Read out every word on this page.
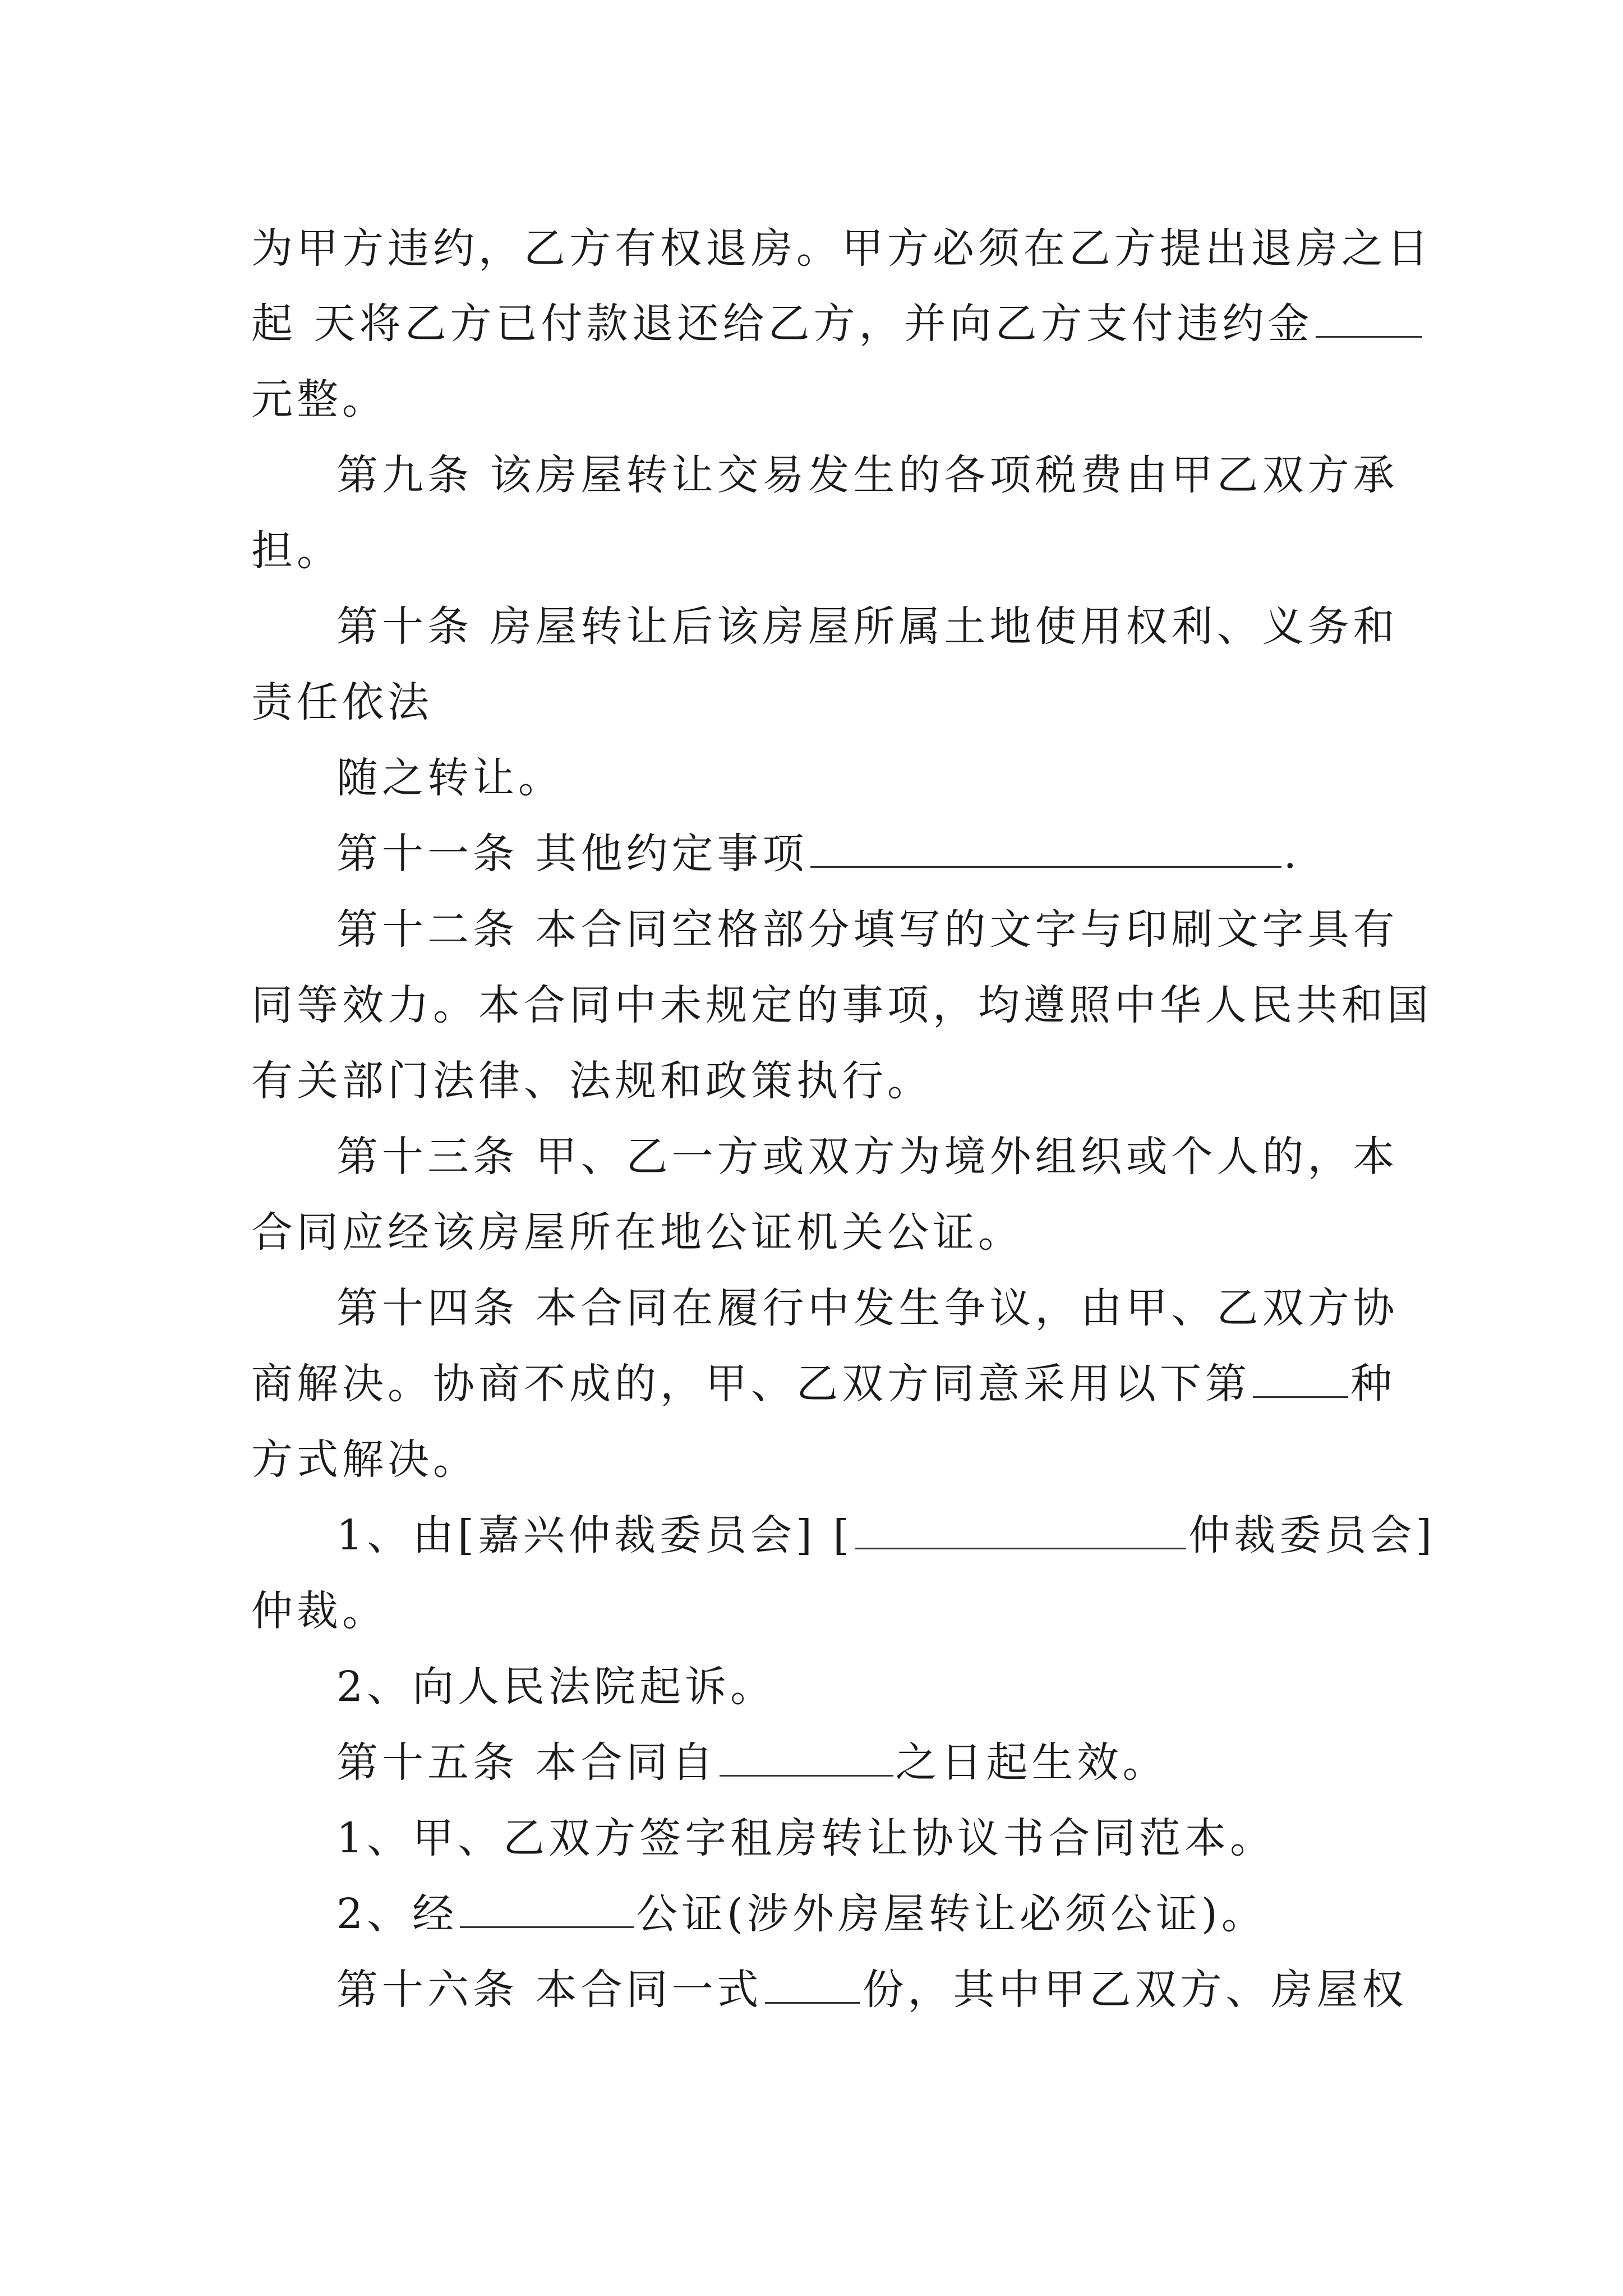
为甲方违约，乙方有权退房。甲方必须在乙方提出退房之日
起 天将乙方已付款退还给乙方，并向乙方支付违约金
元整。
第九条 该房屋转让交易发生的各项税费由甲乙双方承
担。
第十条 房屋转让后该房屋所属土地使用权利、义务和
责任依法
随之转让。
第十一条 其他约定事项	.
第十二条 本合同空格部分填写的文字与印刷文字具有
同等效力。本合同中未规定的事项，均遵照中华人民共和国
有关部门法律、法规和政策执行。
第十三条 甲、乙一方或双方为境外组织或个人的，本
合同应经该房屋所在地公证机关公证。
第十四条 本合同在履行中发生争议，由甲、乙双方协
商解决。协商不成的，甲、乙双方同意采用以下第 种
方式解决。
1、由[嘉兴仲裁委员会] [	仲裁委员会]
仲裁。
2、向人民法院起诉。
第十五条 本合同自	之日起生效。
1、甲、乙双方签字租房转让协议书合同范本。
2、经	公证(涉外房屋转让必须公证)。
第十六条 本合同一式 份，其中甲乙双方、房屋权
